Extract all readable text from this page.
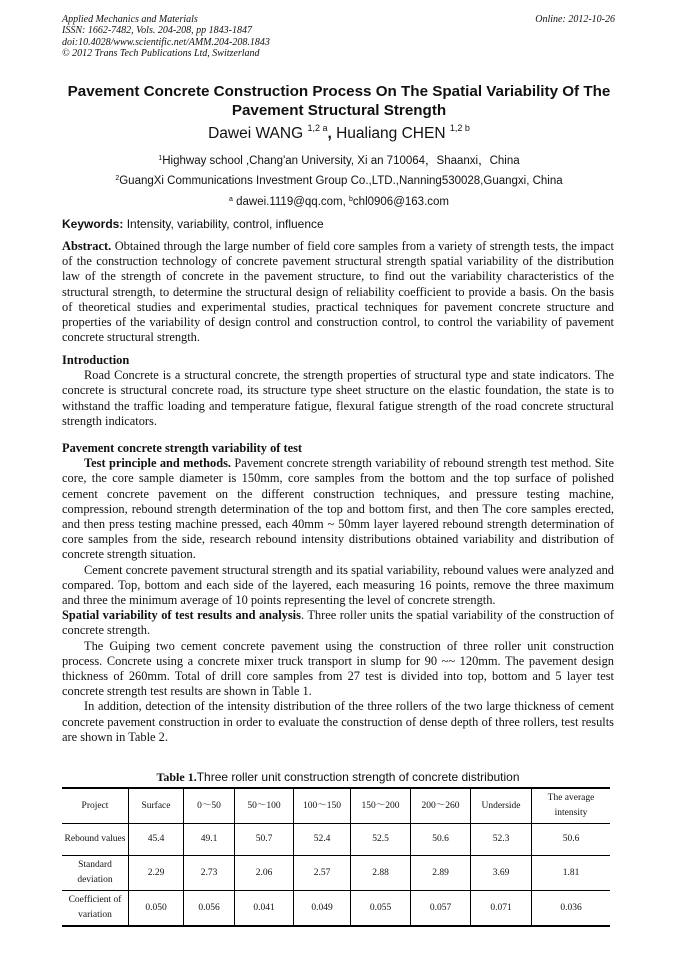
Applied Mechanics and Materials
ISSN: 1662-7482, Vols. 204-208, pp 1843-1847
doi:10.4028/www.scientific.net/AMM.204-208.1843
© 2012 Trans Tech Publications Ltd, Switzerland
Online: 2012-10-26
Pavement Concrete Construction Process On The Spatial Variability Of The Pavement Structural Strength
Dawei WANG $^{1,2 a}$, Hualiang CHEN $^{1,2 b}$
$^1$Highway school ,Chang'an University, Xi an 710064，Shaanxi，China
$^2$GuangXi Communications Investment Group Co.,LTD.,Nanning530028,Guangxi, China
$^a$ dawei.1119@qq.com, $^b$chl0906@163.com
Keywords: Intensity, variability, control, influence

Abstract. Obtained through the large number of field core samples from a variety of strength tests, the impact of the construction technology of concrete pavement structural strength spatial variability of the distribution law of the strength of concrete in the pavement structure, to find out the variability characteristics of the structural strength, to determine the structural design of reliability coefficient to provide a basis. On the basis of theoretical studies and experimental studies, practical techniques for pavement concrete structure and properties of the variability of design control and construction control, to control the variability of pavement concrete structural strength.

Introduction

Road Concrete is a structural concrete, the strength properties of structural type and state indicators. The concrete is structural concrete road, its structure type sheet structure on the elastic foundation, the state is to withstand the traffic loading and temperature fatigue, flexural fatigue strength of the road concrete structural strength indicators.

Pavement concrete strength variability of test

Test principle and methods. Pavement concrete strength variability of rebound strength test method. Site core, the core sample diameter is 150mm, core samples from the bottom and the top surface of polished cement concrete pavement on the different construction techniques, and pressure testing machine, compression, rebound strength determination of the top and bottom first, and then The core samples erected, and then press testing machine pressed, each 40mm ~ 50mm layer layered rebound strength determination of core samples from the side, research rebound intensity distributions obtained variability and distribution of concrete strength situation.

Cement concrete pavement structural strength and its spatial variability, rebound values were analyzed and compared. Top, bottom and each side of the layered, each measuring 16 points, remove the three maximum and three the minimum average of 10 points representing the level of concrete strength.

Spatial variability of test results and analysis. Three roller units the spatial variability of the construction of concrete strength.

The Guiping two cement concrete pavement using the construction of three roller unit construction process. Concrete using a concrete mixer truck transport in slump for 90 ~~ 120mm. The pavement design thickness of 260mm. Total of drill core samples from 27 test is divided into top, bottom and 5 layer test concrete strength test results are shown in Table 1.

In addition, detection of the intensity distribution of the three rollers of the two large thickness of cement concrete pavement construction in order to evaluate the construction of dense depth of three rollers, test results are shown in Table 2.

Table 1.Three roller unit construction strength of concrete distribution
Project	Surface	0～50	50～100	100～150	150～200	200～260	Underside	The average intensity
Rebound values	45.4	49.1	50.7	52.4	52.5	50.6	52.3	50.6
Standard deviation	2.29	2.73	2.06	2.57	2.88	2.89	3.69	1.81
Coefficient of variation	0.050	0.056	0.041	0.049	0.055	0.057	0.071	0.036
